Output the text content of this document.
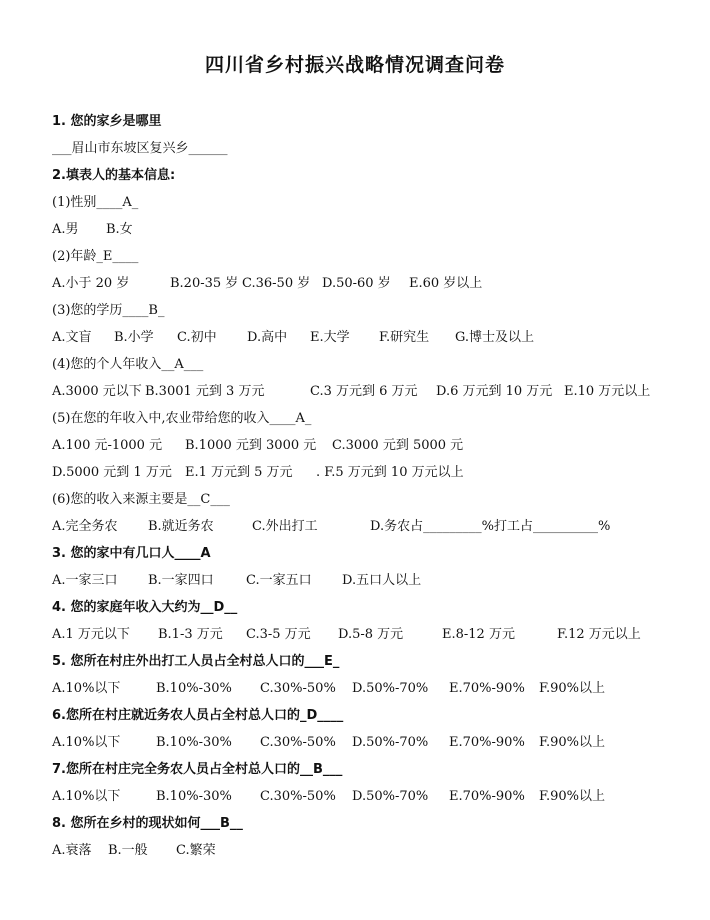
四川省乡村振兴战略情况调查问卷
1. 您的家乡是哪里
___眉山市东坡区复兴乡______
2.填表人的基本信息:
(1)性别____A_
A.男 B.女
(2)年龄_E____
A.小于 20 岁	B.20-35 岁 C.36-50 岁 D.50-60 岁 E.60 岁以上
(3)您的学历____B_
A.文盲 B.小学 C.初中 D.高中 E.大学 F.研究生 G.博士及以上
(4)您的个人年收入__A___
A.3000 元以下 B.3001 元到 3 万元	C.3 万元到 6 万元 D.6 万元到 10 万元 E.10 万元以上
(5)在您的年收入中,农业带给您的收入____A_
A.100 元-1000 元 B.1000 元到 3000 元 C.3000 元到 5000 元
D.5000 元到 1 万元 E.1 万元到 5 万元 . F.5 万元到 10 万元以上
(6)您的收入来源主要是__C___
A.完全务农 B.就近务农	C.外出打工	D.务农占_________%打工占__________%
3. 您的家中有几口人____A
A.一家三口 B.一家四口 C.一家五口 D.五口人以上
4. 您的家庭年收入大约为__D__
A.1 万元以下 B.1-3 万元 C.3-5 万元 D.5-8 万元	E.8-12 万元	F.12 万元以上
5. 您所在村庄外出打工人员占全村总人口的___E_
A.10%以下	B.10%-30% C.30%-50% D.50%-70% E.70%-90% F.90%以上
6.您所在村庄就近务农人员占全村总人口的_D____
A.10%以下	B.10%-30% C.30%-50% D.50%-70% E.70%-90% F.90%以上
7.您所在村庄完全务农人员占全村总人口的__B___
A.10%以下	B.10%-30% C.30%-50% D.50%-70% E.70%-90% F.90%以上
8. 您所在乡村的现状如何___B__
A.衰落 B.一般 C.繁荣
